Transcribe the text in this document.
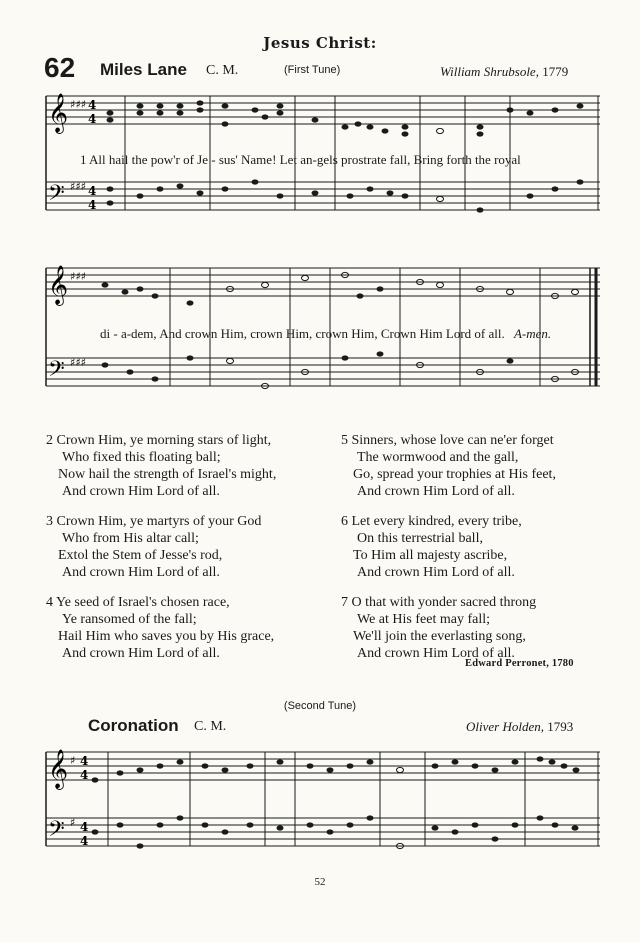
Jesus Christ:
62 Miles Lane C. M.	(First Tune)	William Shrubsole, 1779
𝄞
𝄢
♯♯♯
♯♯♯
4
4
4
4
1 All hail the pow'r of Je - sus' Name! Let an-gels prostrate fall, Bring forth the royal
𝄞
𝄢
♯♯♯
♯♯♯
di - a-dem, And crown Him, crown Him, crown Him, Crown Him Lord of all. A-men.
2 Crown Him, ye morning stars of light,
Who fixed this floating ball;
Now hail the strength of Israel's might,
And crown Him Lord of all.
3 Crown Him, ye martyrs of your God
Who from His altar call;
Extol the Stem of Jesse's rod,
And crown Him Lord of all.
4 Ye seed of Israel's chosen race,
Ye ransomed of the fall;
Hail Him who saves you by His grace,
And crown Him Lord of all.
5 Sinners, whose love can ne'er forget
The wormwood and the gall,
Go, spread your trophies at His feet,
And crown Him Lord of all.
6 Let every kindred, every tribe,
On this terrestrial ball,
To Him all majesty ascribe,
And crown Him Lord of all.
7 O that with yonder sacred throng
We at His feet may fall;
We'll join the everlasting song,
And crown Him Lord of all.
Edward Perronet, 1780
(Second Tune)
Coronation C. M.	Oliver Holden, 1793
𝄞
𝄢
♯
♯
4
4
4
4
52
